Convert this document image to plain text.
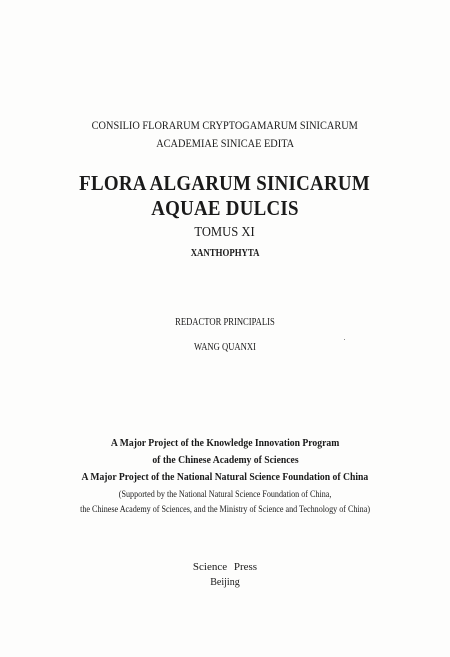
CONSILIO FLORARUM CRYPTOGAMARUM SINICARUM
ACADEMIAE SINICAE EDITA
FLORA ALGARUM SINICARUM
AQUAE DULCIS
TOMUS XI
XANTHOPHYTA
REDACTOR PRINCIPALIS
WANG QUANXI
A Major Project of the Knowledge Innovation Program
of the Chinese Academy of Sciences
A Major Project of the National Natural Science Foundation of China
(Supported by the National Natural Science Foundation of China,
the Chinese Academy of Sciences, and the Ministry of Science and Technology of China)
Science Press
Beijing
